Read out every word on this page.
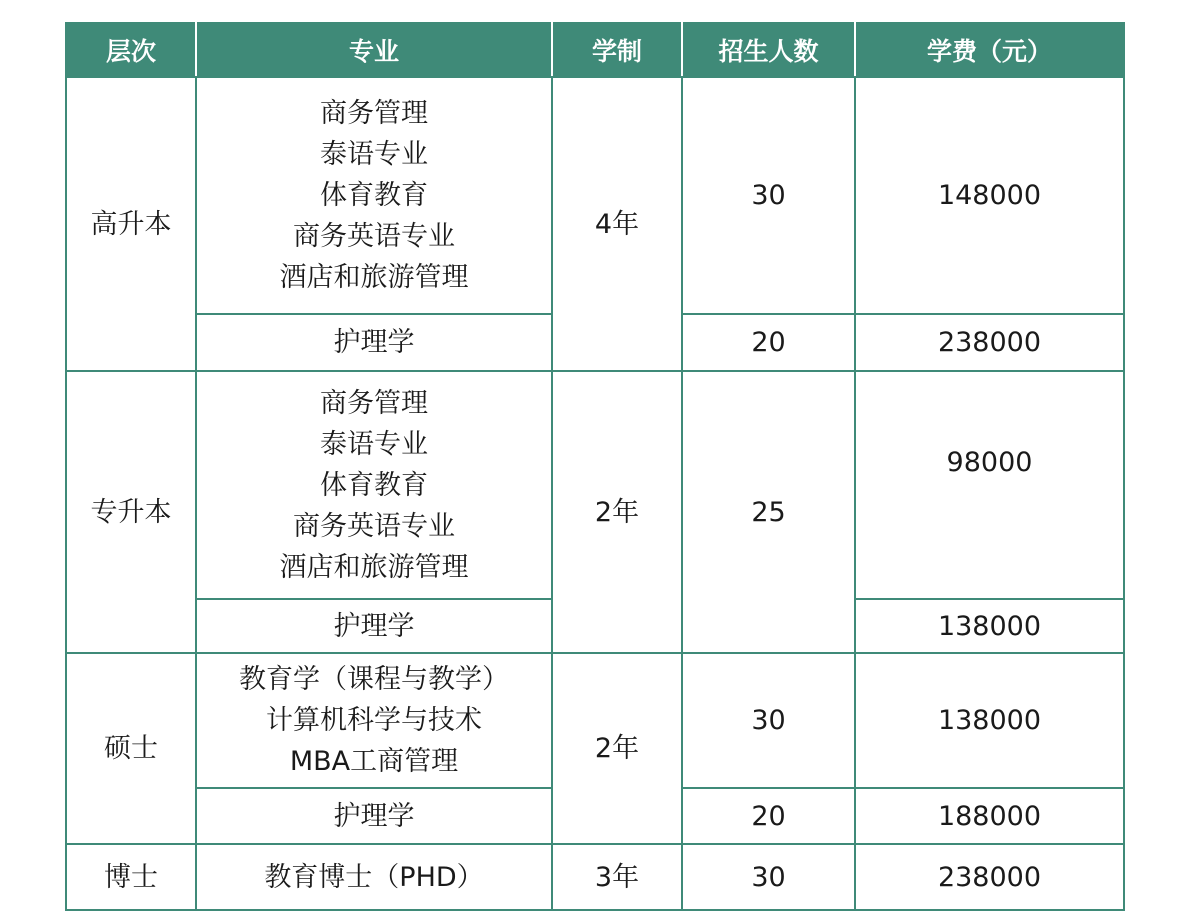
层次	专业	学制	招生人数	学费（元）
高升本	商务管理
泰语专业
体育教育
商务英语专业
酒店和旅游管理	4年	30	148000
	护理学		20	238000
专升本	商务管理
泰语专业
体育教育
商务英语专业
酒店和旅游管理	2年	25	98000
	护理学			138000
硕士	教育学（课程与教学）
计算机科学与技术
MBA工商管理	2年	30	138000
	护理学		20	188000
博士	教育博士（PHD）	3年	30	238000
